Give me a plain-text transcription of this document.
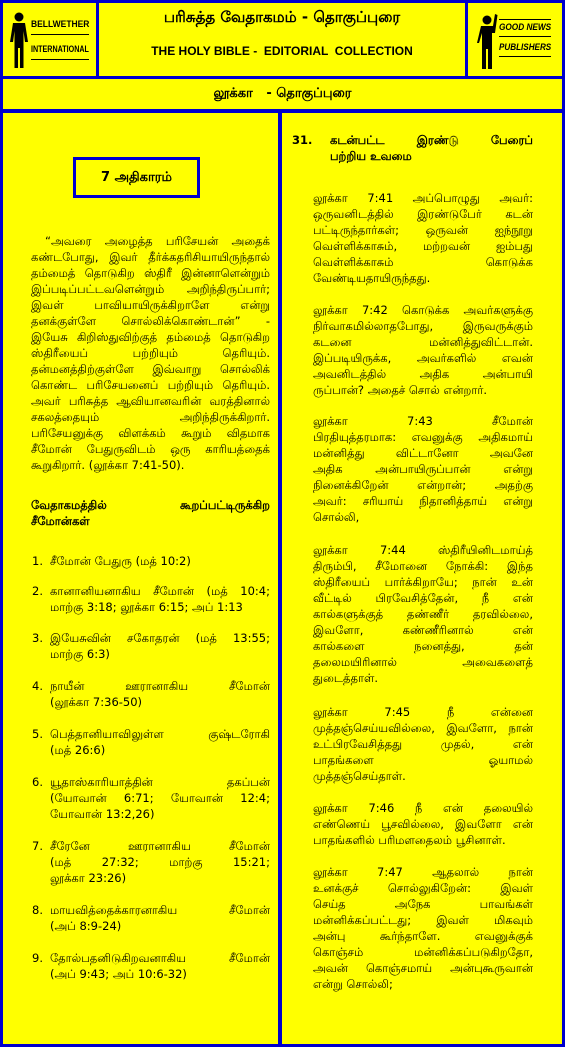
BELLWETHER
INTERNATIONAL
பரிசுத்த வேதாகமம் - தொகுப்புரை
THE HOLY BIBLE -  EDITORIAL  COLLECTION
GOOD NEWS
PUBLISHERS
லூக்கா   - தொகுப்புரை
7 அதிகாரம்
“அவரை அழைத்த பரிசேயன் அதைக்
கண்டபோது, இவர் தீர்க்கதரிசியாயிருந்தால்
தம்மைத் தொடுகிற ஸ்திரீ இன்னாளென்றும்
இப்படிப்பட்டவளென்றும் அறிந்திருப்பார்;
இவள் பாவியாயிருக்கிறாளே என்று
தனக்குள்ளே சொல்லிக்கொண்டான்” -
இயேசு கிறிஸ்துவிற்குத் தம்மைத் தொடுகிற
ஸ்திரீயைப் பற்றியும் தெரியும்.
தன்மனத்திற்குள்ளே இவ்வாறு சொல்லிக்
கொண்ட பரிசேயனைப் பற்றியும் தெரியும்.
அவர் பரிசுத்த ஆவியானவரின் வரத்தினால்
சகலத்தையும் அறிந்திருக்கிறார்.
பரிசேயனுக்கு விளக்கம் கூறும் விதமாக
சீமோன் பேதுருவிடம் ஒரு காரியத்தைக்
கூறுகிறார். (லூக்கா 7:41-50).
வேதாகமத்தில் கூறப்பட்டிருக்கிற
சீமோன்கள்
1. சீமோன் பேதுரு (மத் 10:2)
2. கானானியனாகிய சீமோன் (மத் 10:4;
மாற்கு 3:18; லூக்கா 6:15; அப் 1:13
3. இயேசுவின் சகோதரன் (மத் 13:55;
மாற்கு 6:3)
4. நாயீன் ஊரானாகிய சீமோன்
(லூக்கா 7:36-50)
5. பெத்தானியாவிலுள்ள குஷ்டரோகி
(மத் 26:6)
6. யூதாஸ்காரியாத்தின் தகப்பன்
(யோவான் 6:71; யோவான் 12:4;
யோவான் 13:2,26)
7. சீரேனே ஊரானாகிய சீமோன்
(மத் 27:32; மாற்கு 15:21;
லூக்கா 23:26)
8. மாயவித்தைக்காரனாகிய சீமோன்
(அப் 8:9-24)
9. தோல்பதனிடுகிறவனாகிய சீமோன்
(அப் 9:43; அப் 10:6-32)
31. கடன்பட்ட இரண்டு பேரைப்
பற்றிய உவமை
லூக்கா 7:41 அப்பொழுது அவர்:
ஒருவனிடத்தில் இரண்டுபேர் கடன்
பட்டிருந்தார்கள்; ஒருவன் ஐந்நூறு
வெள்ளிக்காசும், மற்றவன் ஐம்பது
வெள்ளிக்காசும் கொடுக்க
வேண்டியதாயிருந்தது.
லூக்கா 7:42 கொடுக்க அவர்களுக்கு
நிர்வாகமில்லாதபோது, இருவருக்கும்
கடனை மன்னித்துவிட்டான்.
இப்படியிருக்க, அவர்களில் எவன்
அவனிடத்தில் அதிக அன்பாயி
ருப்பான்? அதைச் சொல் என்றார்.
லூக்கா 7:43 சீமோன்
பிரதியுத்தரமாக: எவனுக்கு அதிகமாய்
மன்னித்து விட்டானோ அவனே
அதிக அன்பாயிருப்பான் என்று
நினைக்கிறேன் என்றான்; அதற்கு
அவர்: சரியாய் நிதானித்தாய் என்று
சொல்லி,
லூக்கா 7:44 ஸ்திரீயினிடமாய்த்
திரும்பி, சீமோனை நோக்கி: இந்த
ஸ்திரீயைப் பார்க்கிறாயே; நான் உன்
வீட்டில் பிரவேசித்தேன், நீ என்
கால்களுக்குத் தண்ணீர் தரவில்லை,
இவளோ, கண்ணீரினால் என்
கால்களை நனைத்து, தன்
தலைமயிரினால் அவைகளைத்
துடைத்தாள்.
லூக்கா 7:45 நீ என்னை
முத்தஞ்செய்யவில்லை, இவளோ, நான்
உட்பிரவேசித்தது முதல், என்
பாதங்களை ஓயாமல்
முத்தஞ்செய்தாள்.
லூக்கா 7:46 நீ என் தலையில்
எண்ணெய் பூசவில்லை, இவளோ என்
பாதங்களில் பரிமளதைலம் பூசினாள்.
லூக்கா 7:47 ஆதலால் நான்
உனக்குச் சொல்லுகிறேன்: இவள்
செய்த அநேக பாவங்கள்
மன்னிக்கப்பட்டது; இவள் மிகவும்
அன்பு கூர்ந்தாளே. எவனுக்குக்
கொஞ்சம் மன்னிக்கப்படுகிறதோ,
அவன் கொஞ்சமாய் அன்புகூருவான்
என்று சொல்லி;
